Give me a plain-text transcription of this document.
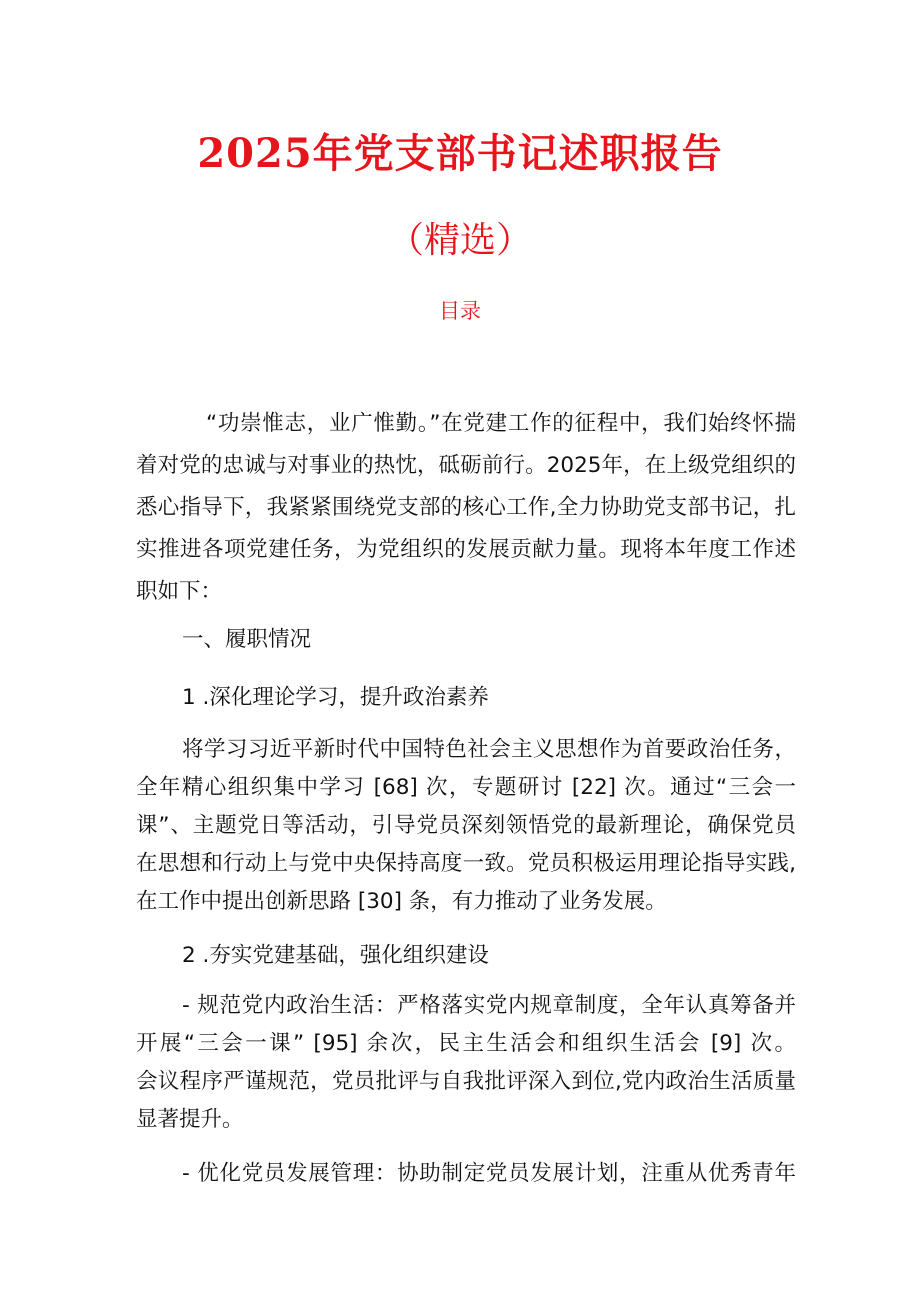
2025年党支部书记述职报告
（精选）
目录
“功崇惟志，业广惟勤。”在党建工作的征程中，我们始终怀揣
着对党的忠诚与对事业的热忱，砥砺前行。2025年，在上级党组织的
悉心指导下，我紧紧围绕党支部的核心工作,全力协助党支部书记，扎
实推进各项党建任务，为党组织的发展贡献力量。现将本年度工作述
职如下：
一、履职情况
1 .深化理论学习，提升政治素养
将学习习近平新时代中国特色社会主义思想作为首要政治任务，
全年精心组织集中学习 [68] 次，专题研讨 [22] 次。通过“三会一
课”、主题党日等活动，引导党员深刻领悟党的最新理论，确保党员
在思想和行动上与党中央保持高度一致。党员积极运用理论指导实践,
在工作中提出创新思路 [30] 条，有力推动了业务发展。
2 .夯实党建基础，强化组织建设
- 规范党内政治生活：严格落实党内规章制度，全年认真筹备并
开展“三会一课” [95] 余次，民主生活会和组织生活会 [9] 次。
会议程序严谨规范，党员批评与自我批评深入到位,党内政治生活质量
显著提升。
- 优化党员发展管理：协助制定党员发展计划，注重从优秀青年
